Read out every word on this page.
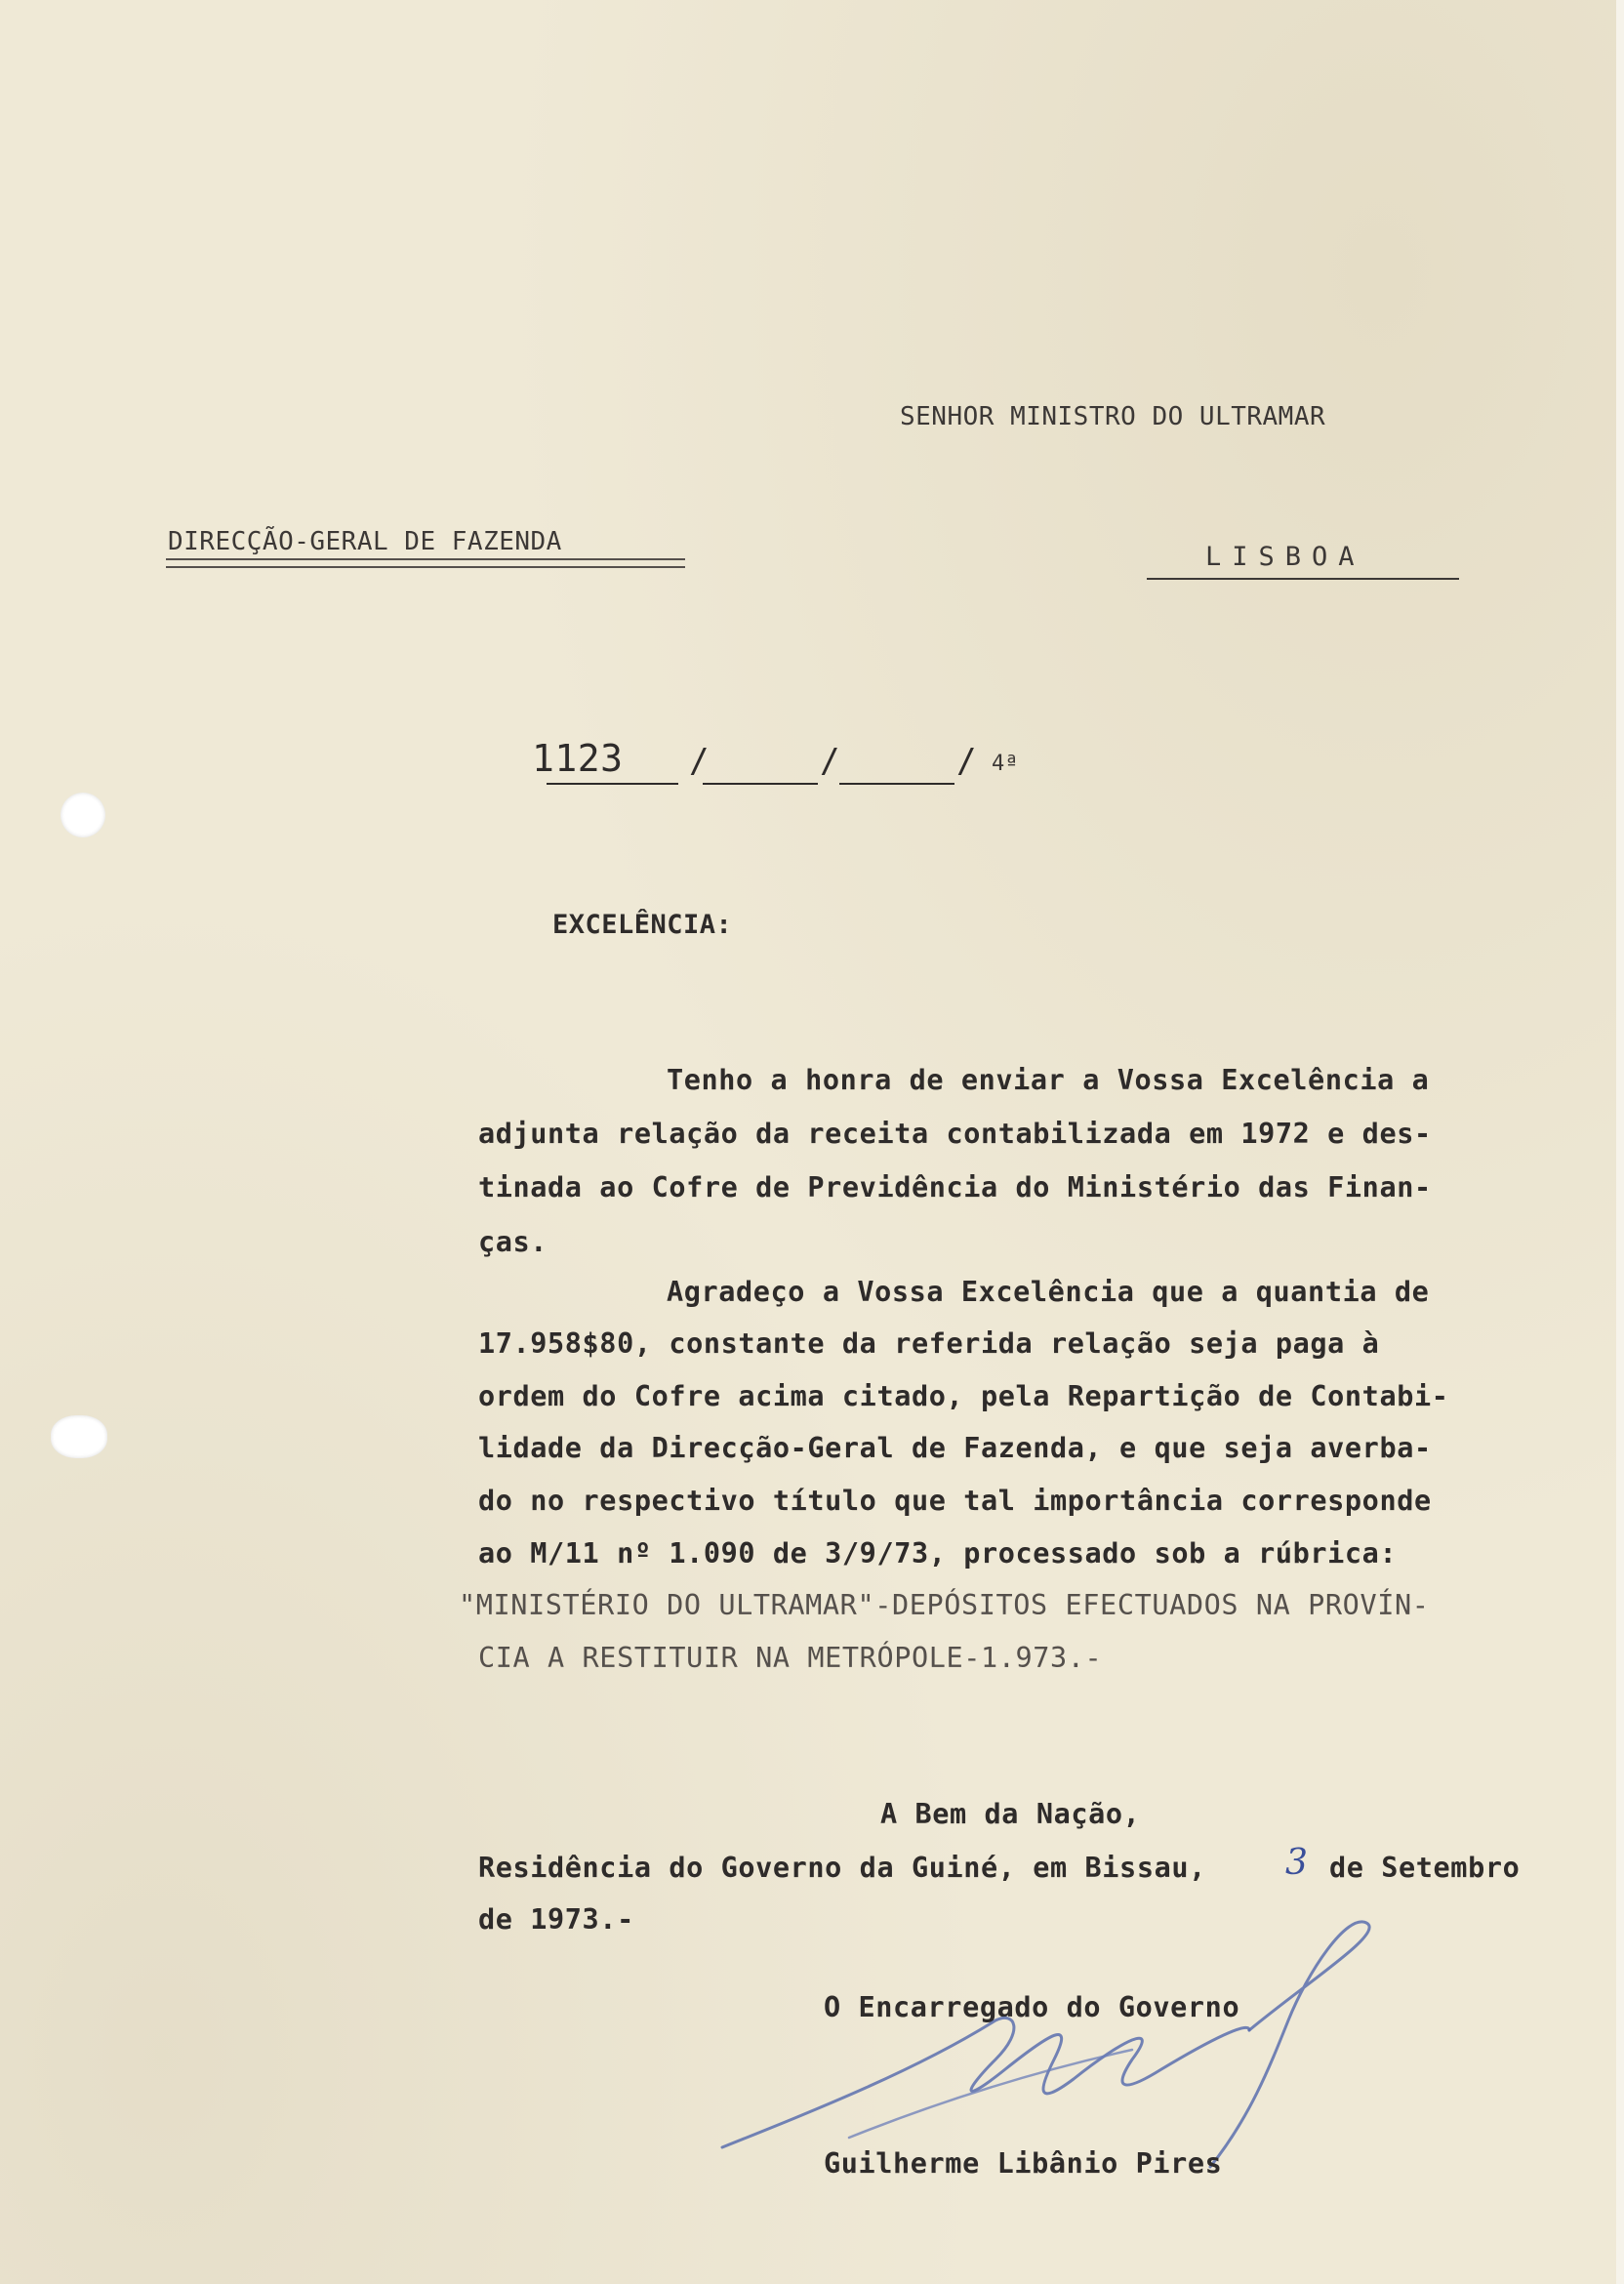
SENHOR MINISTRO DO ULTRAMAR
DIRECÇÃO-GERAL DE FAZENDA	LISBOA
1123 /	/	/ 4ª
EXCELÊNCIA:
Tenho a honra de enviar a Vossa Excelência a
adjunta relação da receita contabilizada em 1972 e des-
tinada ao Cofre de Previdência do Ministério das Finan-
ças.
Agradeço a Vossa Excelência que a quantia de
17.958$80, constante da referida relação seja paga à
ordem do Cofre acima citado, pela Repartição de Contabi-
lidade da Direcção-Geral de Fazenda, e que seja averba-
do no respectivo título que tal importância corresponde
ao M/11 nº 1.090 de 3/9/73, processado sob a rúbrica:
"MINISTÉRIO DO ULTRAMAR"-DEPÓSITOS EFECTUADOS NA PROVÍN-
CIA A RESTITUIR NA METRÓPOLE-1.973.-
A Bem da Nação,
Residência do Governo da Guiné, em Bissau, 3 de Setembro
de 1973.-
O Encarregado do Governo
Guilherme Libânio Pires
